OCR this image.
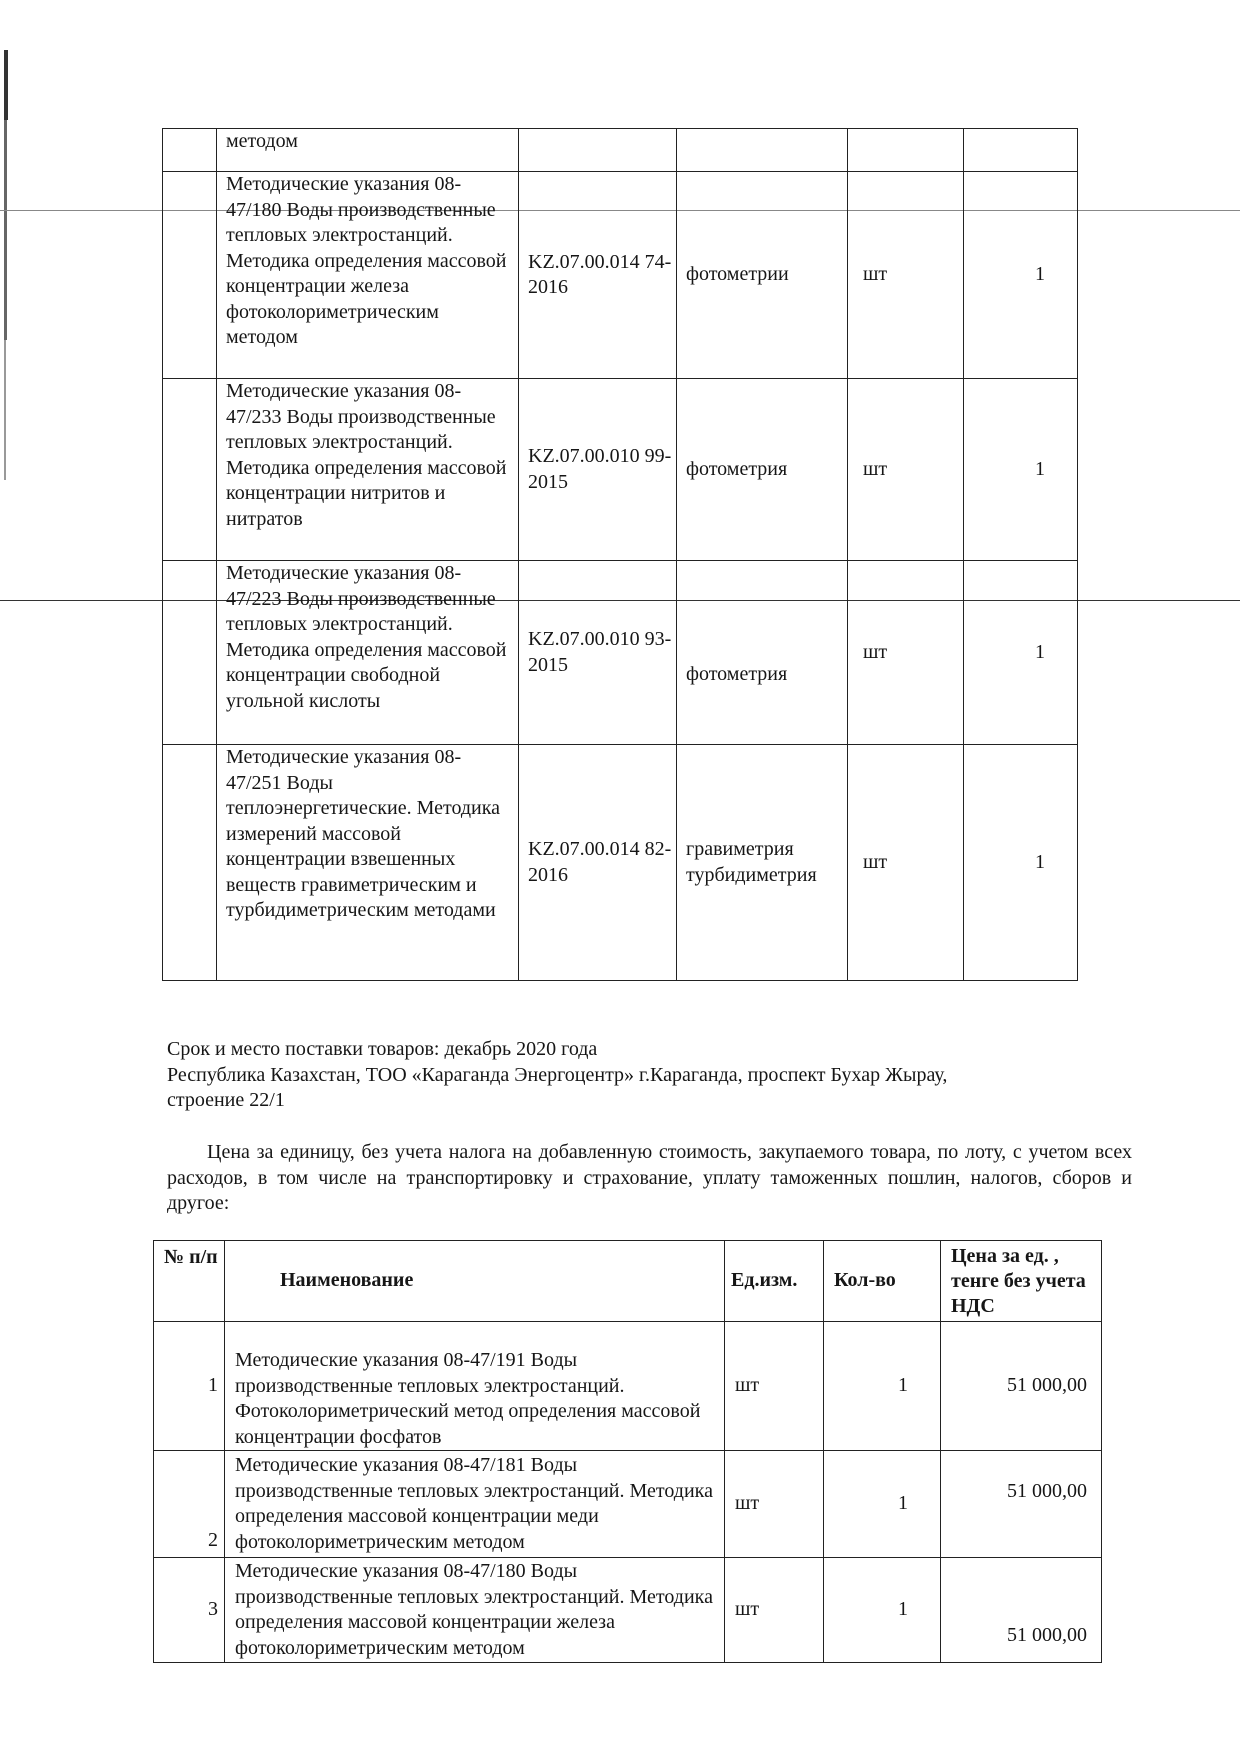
	методом				
	Методические указания 08-47/180 Воды производственные тепловых электростанций. Методика определения массовой концентрации железа фотоколориметрическим методом	KZ.07.00.014 74-2016	фотометрии	шт	1
	Методические указания 08-47/233 Воды производственные тепловых электростанций. Методика определения массовой концентрации нитритов и нитратов	KZ.07.00.010 99-2015	фотометрия	шт	1
	Методические указания 08-47/223 Воды производственные тепловых электростанций. Методика определения массовой концентрации свободной угольной кислоты	KZ.07.00.010 93-2015	фотометрия	шт	1
	Методические указания 08-47/251 Воды теплоэнергетические. Методика измерений массовой концентрации взвешенных веществ гравиметрическим и турбидиметрическим методами	KZ.07.00.014 82-2016	гравиметрия турбидиметрия	шт	1
Срок и место поставки товаров: декабрь 2020 года
Республика Казахстан, ТОО «Караганда Энергоцентр» г.Караганда, проспект Бухар Жырау,
строение 22/1
Цена за единицу, без учета налога на добавленную стоимость, закупаемого товара, по лоту, с учетом всех расходов, в том числе на транспортировку и страхование, уплату таможенных пошлин, налогов, сборов и другое:
№ п/п	Наименование	Ед.изм.	Кол-во	Цена за ед. , тенге без учета НДС
1	Методические указания 08-47/191 Воды производственные тепловых электростанций. Фотоколориметрический метод определения массовой концентрации фосфатов	шт	1	51 000,00
2	Методические указания 08-47/181 Воды производственные тепловых электростанций. Методика определения массовой концентрации меди фотоколориметрическим методом	шт	1	51 000,00
3	Методические указания 08-47/180 Воды производственные тепловых электростанций. Методика определения массовой концентрации железа фотоколориметрическим методом	шт	1	51 000,00
